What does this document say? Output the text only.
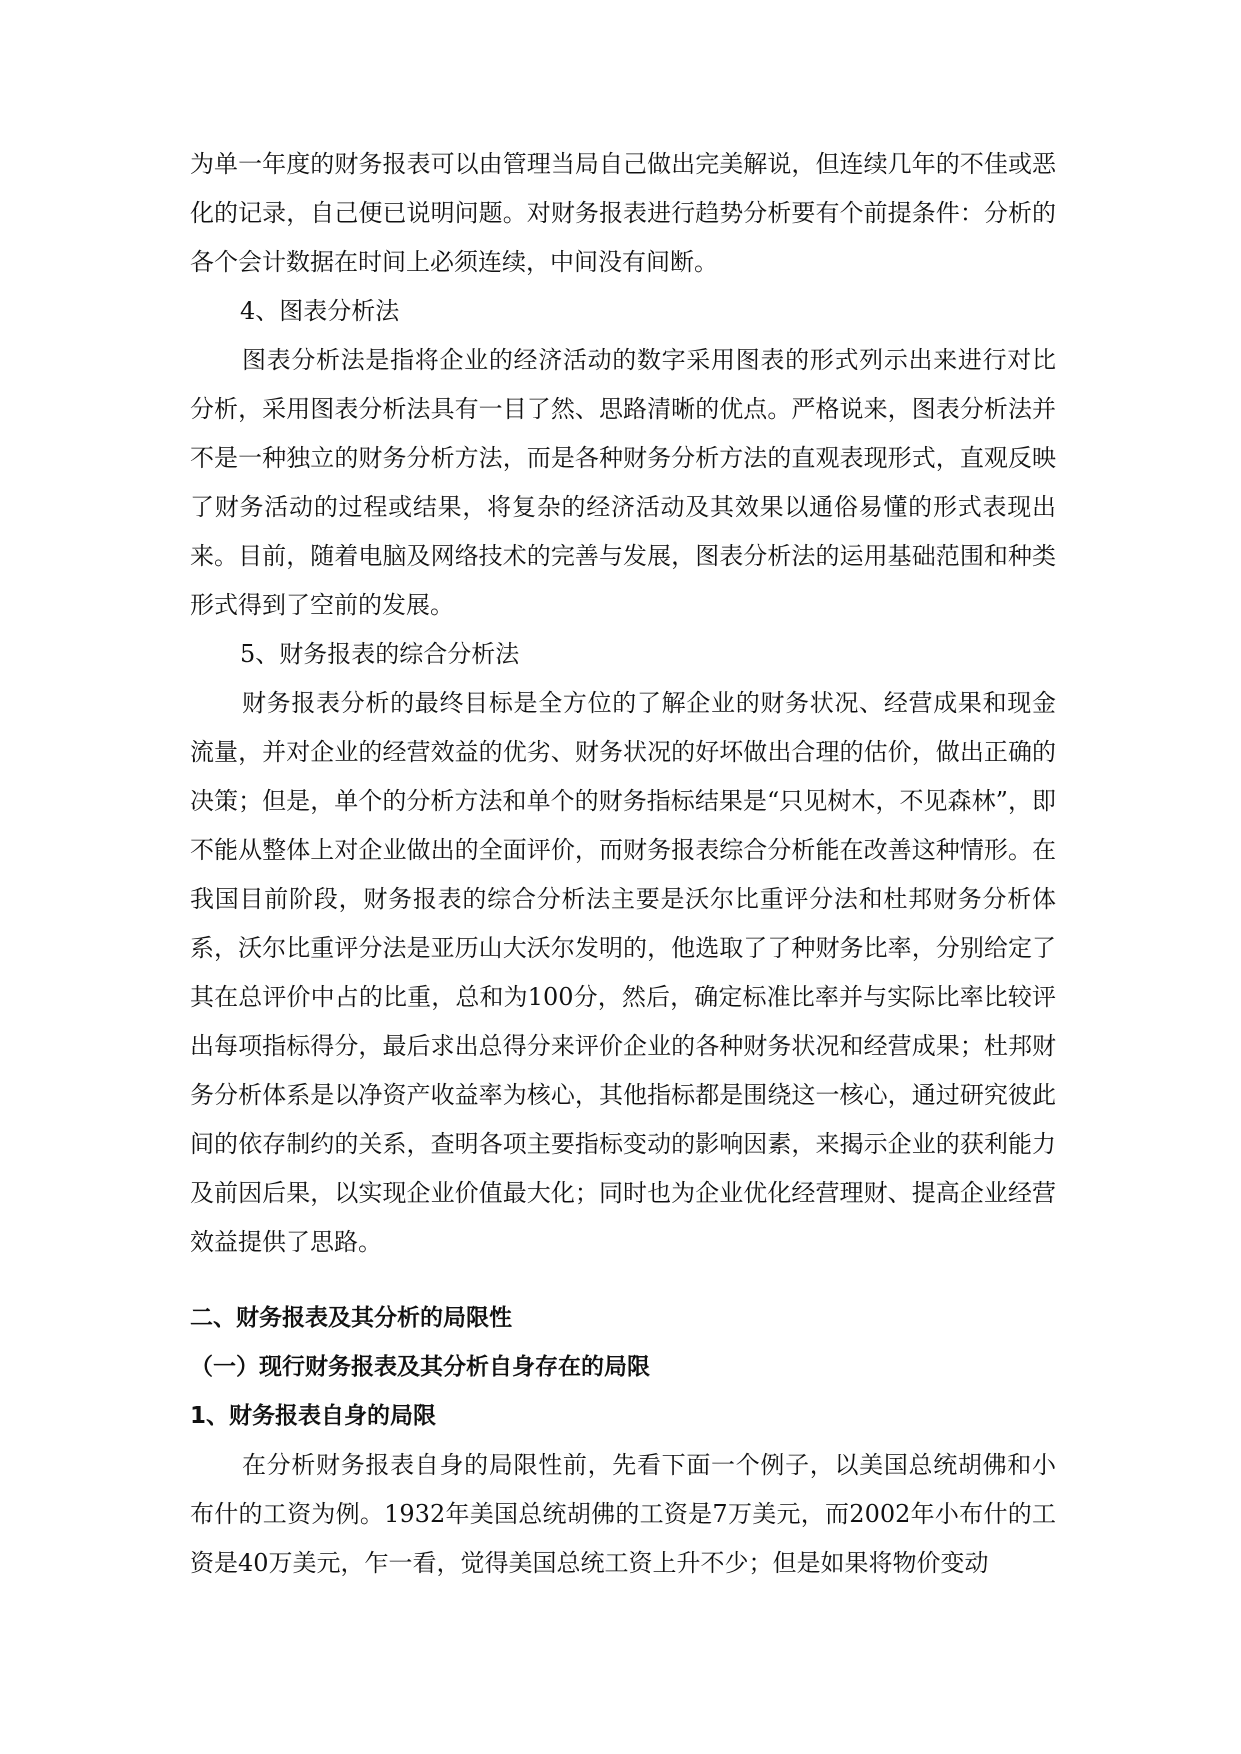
为单一年度的财务报表可以由管理当局自己做出完美解说，但连续几年的不佳或恶化的记录，自己便已说明问题。对财务报表进行趋势分析要有个前提条件：分析的各个会计数据在时间上必须连续，中间没有间断。

4、图表分析法

图表分析法是指将企业的经济活动的数字采用图表的形式列示出来进行对比分析，采用图表分析法具有一目了然、思路清晰的优点。严格说来，图表分析法并不是一种独立的财务分析方法，而是各种财务分析方法的直观表现形式，直观反映了财务活动的过程或结果，将复杂的经济活动及其效果以通俗易懂的形式表现出来。目前，随着电脑及网络技术的完善与发展，图表分析法的运用基础范围和种类形式得到了空前的发展。

5、财务报表的综合分析法

财务报表分析的最终目标是全方位的了解企业的财务状况、经营成果和现金流量，并对企业的经营效益的优劣、财务状况的好坏做出合理的估价，做出正确的决策；但是，单个的分析方法和单个的财务指标结果是“只见树木，不见森林”，即不能从整体上对企业做出的全面评价，而财务报表综合分析能在改善这种情形。在我国目前阶段，财务报表的综合分析法主要是沃尔比重评分法和杜邦财务分析体系，沃尔比重评分法是亚历山大沃尔发明的，他选取了了种财务比率，分别给定了其在总评价中占的比重，总和为100分，然后，确定标准比率并与实际比率比较评出每项指标得分，最后求出总得分来评价企业的各种财务状况和经营成果；杜邦财务分析体系是以净资产收益率为核心，其他指标都是围绕这一核心，通过研究彼此间的依存制约的关系，查明各项主要指标变动的影响因素，来揭示企业的获利能力及前因后果，以实现企业价值最大化；同时也为企业优化经营理财、提高企业经营效益提供了思路。

二、财务报表及其分析的局限性

（一）现行财务报表及其分析自身存在的局限

1、财务报表自身的局限

在分析财务报表自身的局限性前，先看下面一个例子，以美国总统胡佛和小布什的工资为例。1932年美国总统胡佛的工资是7万美元，而2002年小布什的工资是40万美元，乍一看，觉得美国总统工资上升不少；但是如果将物价变动
